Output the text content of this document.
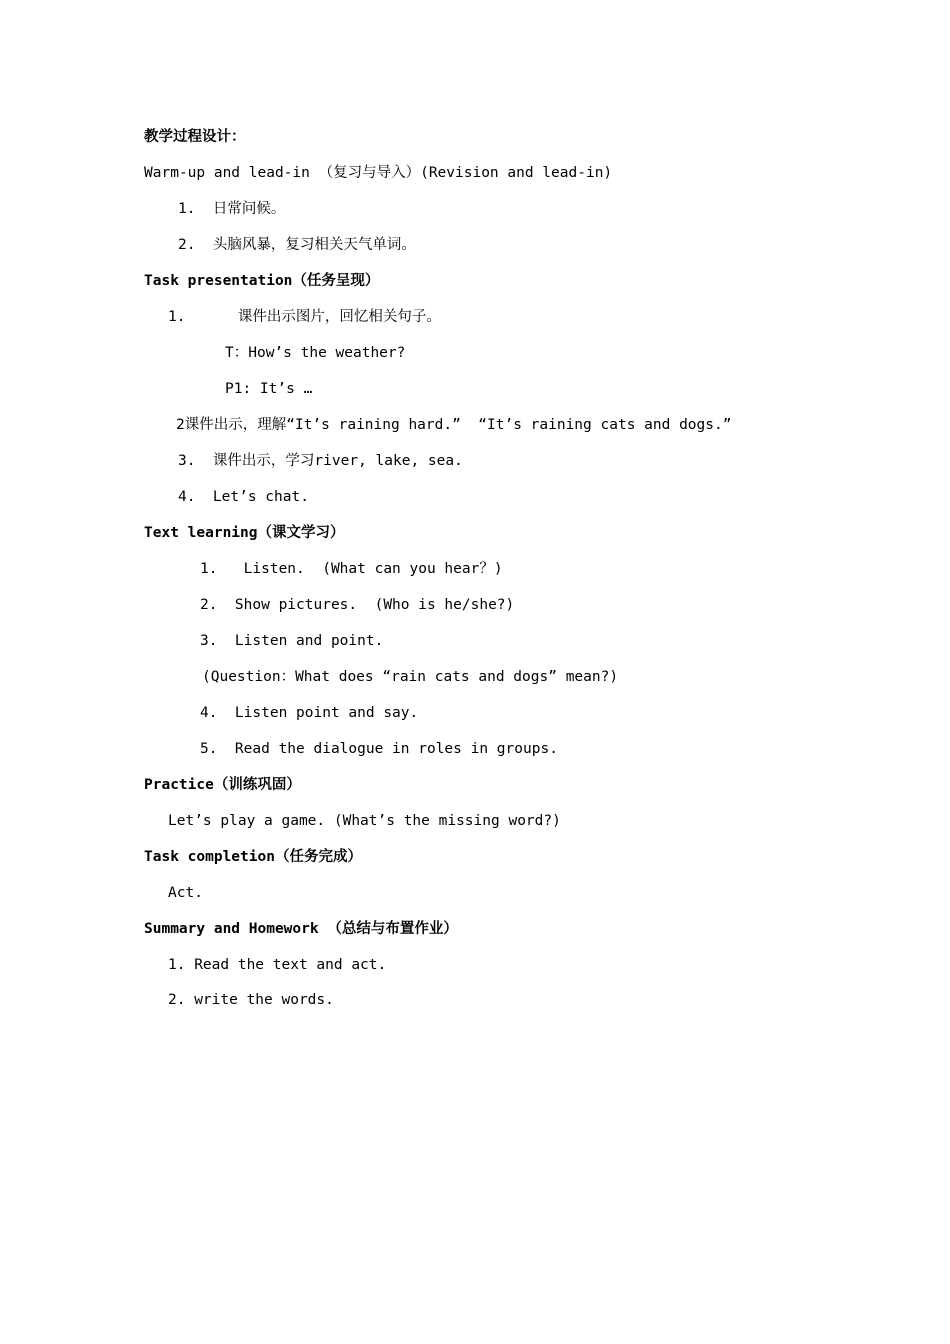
教学过程设计：
Warm-up and lead-in （复习与导入）(Revision and lead-in)
1.  日常问候。
2.  头脑风暴，复习相关天气单词。
Task presentation（任务呈现）
1.      课件出示图片，回忆相关句子。
T：How’s the weather?
P1: It’s …
2课件出示，理解“It’s raining hard.”  “It’s raining cats and dogs.”
3.  课件出示，学习river, lake, sea.
4.  Let’s chat.
Text learning（课文学习）
1.   Listen.  (What can you hear？)
2.  Show pictures.  (Who is he/she?)
3.  Listen and point.
(Question：What does “rain cats and dogs” mean?)
4.  Listen point and say.
5.  Read the dialogue in roles in groups.
Practice（训练巩固）
Let’s play a game. (What’s the missing word?)
Task completion（任务完成）
Act.
Summary and Homework （总结与布置作业）
1. Read the text and act.
2. write the words.
